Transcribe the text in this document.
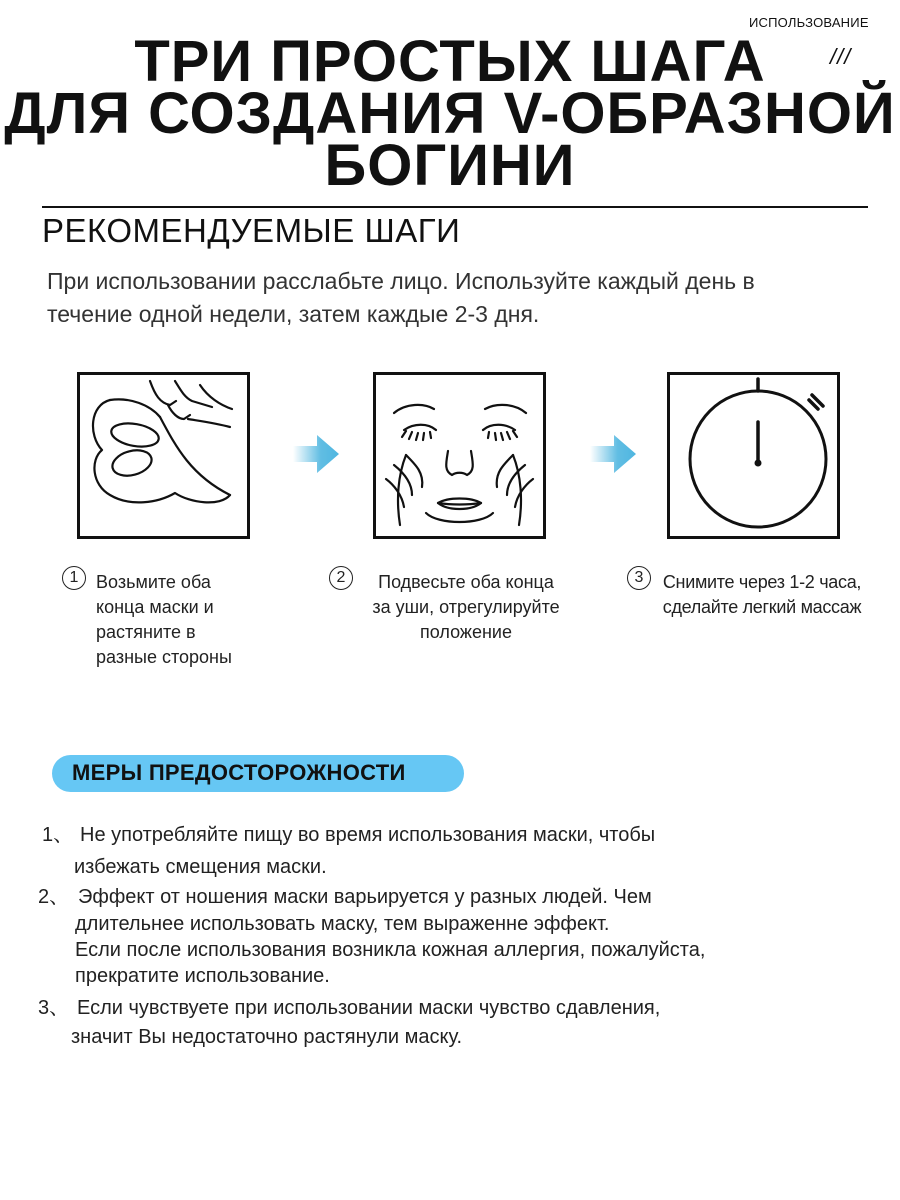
ИСПОЛЬЗОВАНИЕ
///
ТРИ ПРОСТЫХ ШАГА
ДЛЯ СОЗДАНИЯ V-ОБРАЗНОЙ
БОГИНИ
РЕКОМЕНДУЕМЫЕ ШАГИ
При использовании расслабьте лицо. Используйте каждый день в
течение одной недели, затем каждые 2-3 дня.
1 Возьмите оба
конца маски и
растяните в
разные стороны
2	Подвесьте оба конца
за уши, отрегулируйте
положение
3	Снимите через 1-2 часа,
сделайте легкий массаж
МЕРЫ ПРЕДОСТОРОЖНОСТИ
1、 Не употребляйте пищу во время использования маски, чтобы
избежать смещения маски.
2、 Эффект от ношения маски варьируется у разных людей. Чем
длительнее использовать маску, тем выраженне эффект.
Если после использования возникла кожная аллергия, пожалуйста,
прекратите использование.
3、 Если чувствуете при использовании маски чувство сдавления,
значит Вы недостаточно растянули маску.
